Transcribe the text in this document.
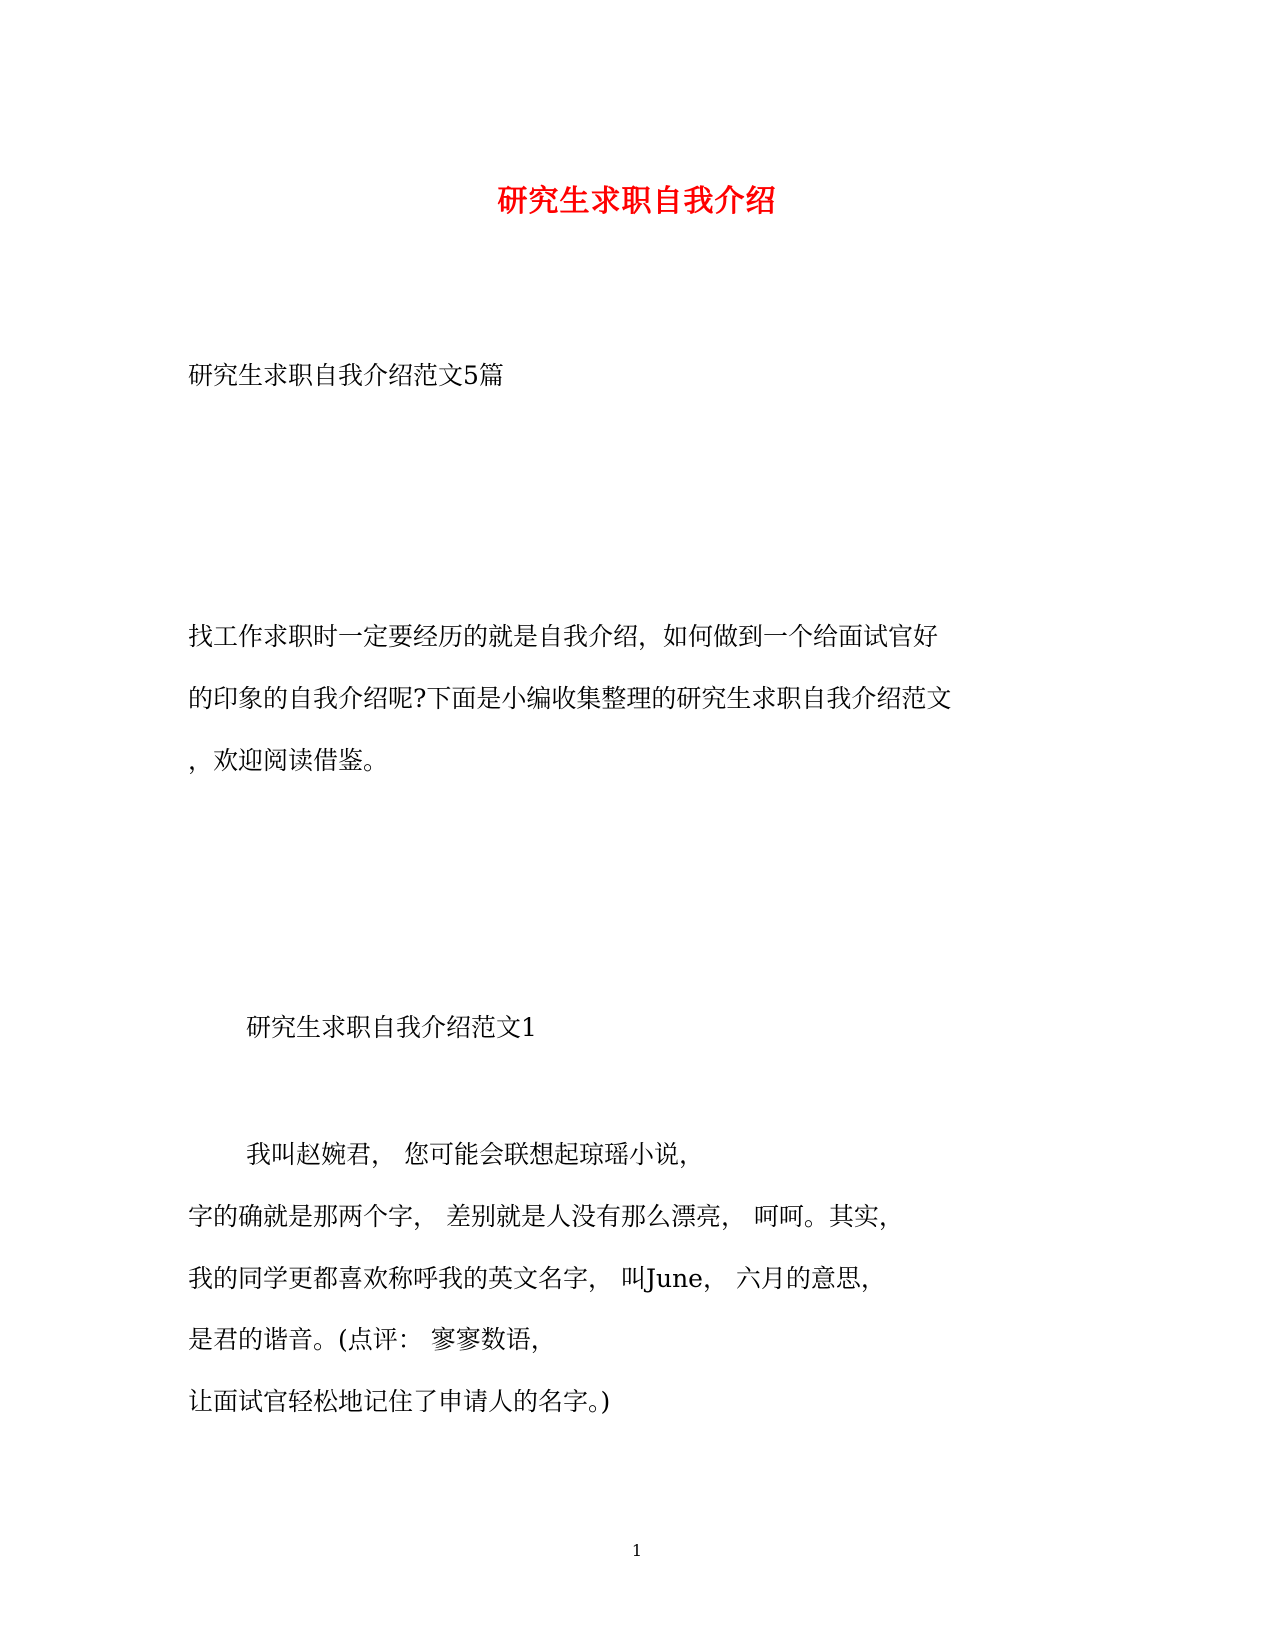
研究生求职自我介绍
研究生求职自我介绍范文5篇
找工作求职时一定要经历的就是自我介绍，如何做到一个给面试官好
的印象的自我介绍呢?下面是小编收集整理的研究生求职自我介绍范文
，欢迎阅读借鉴。
研究生求职自我介绍范文1
我叫赵婉君， 您可能会联想起琼瑶小说，
字的确就是那两个字， 差别就是人没有那么漂亮， 呵呵。其实，
我的同学更都喜欢称呼我的英文名字， 叫June， 六月的意思，
是君的谐音。(点评： 寥寥数语，
让面试官轻松地记住了申请人的名字。)
1
